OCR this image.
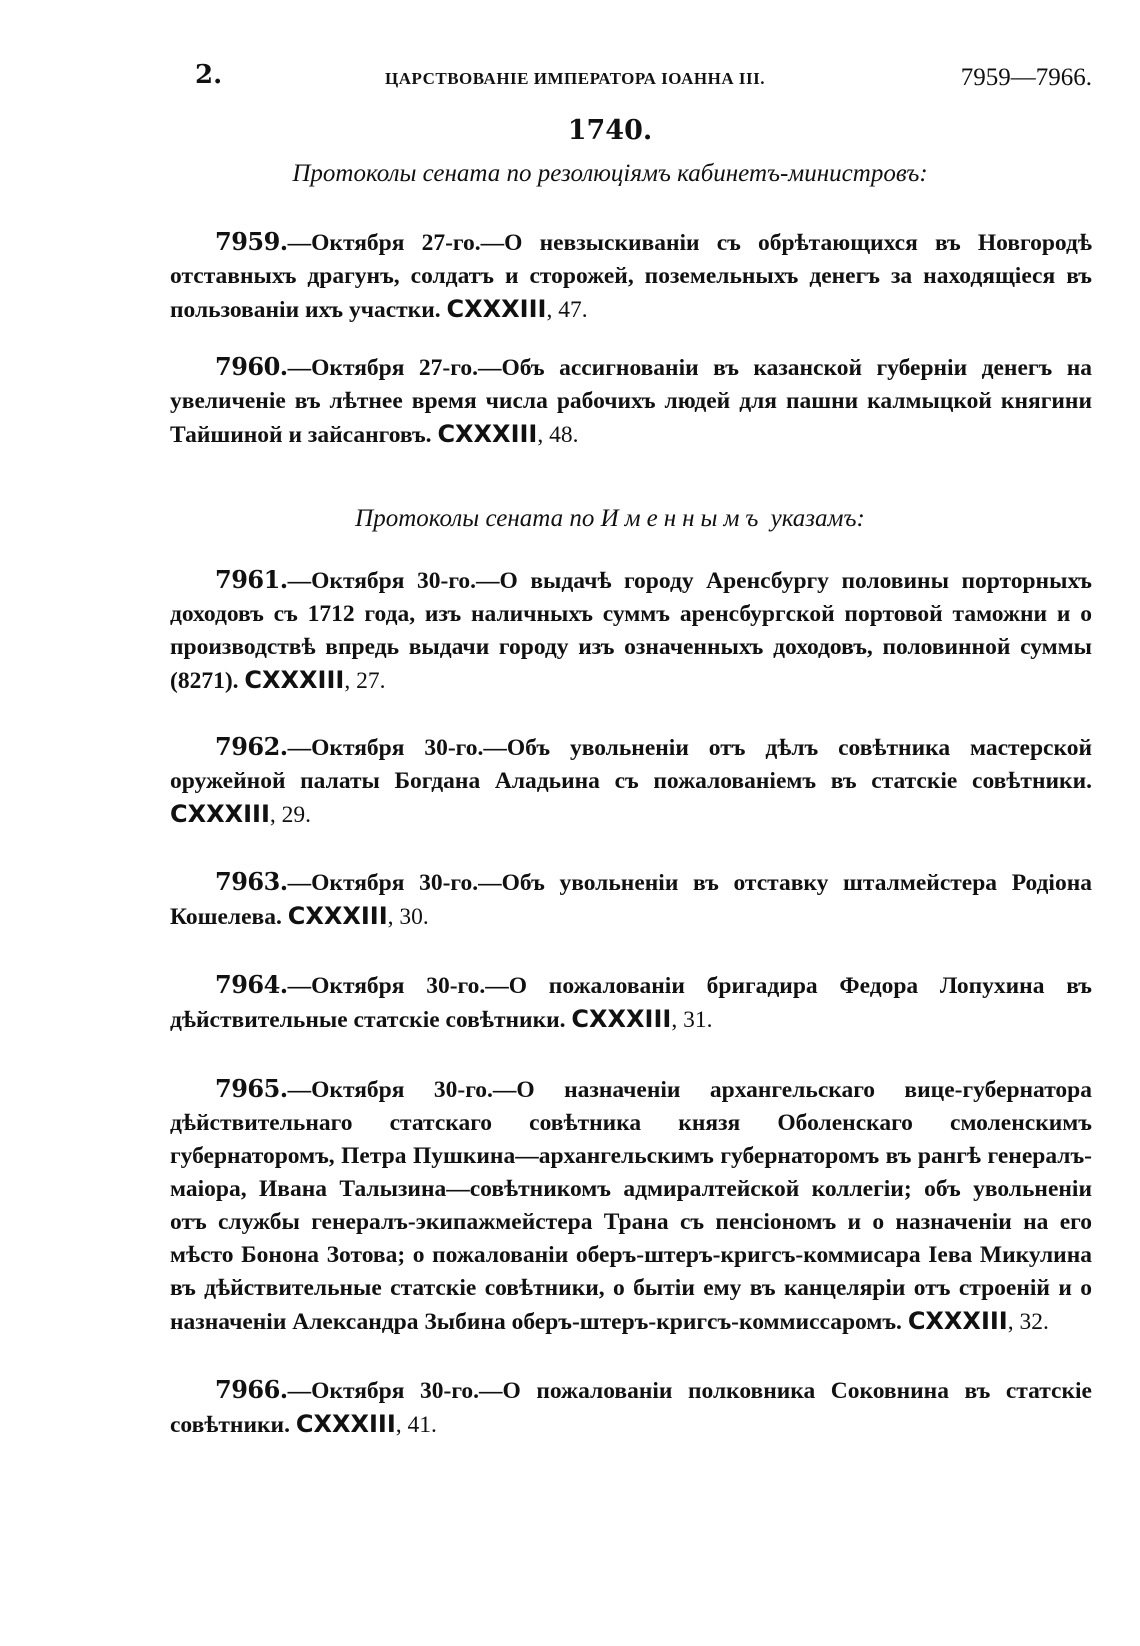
2.	ЦАРСТВОВАНІЕ ИМПЕРАТОРА ІОАННА III.	7959—7966.
1740.
Протоколы сената по резолюціямъ кабинетъ-министровъ:
7959.—Октября 27-го.—О невзыскиваніи съ обрѣтающихся въ Новгородѣ отставныхъ драгунъ, солдатъ и сторожей, поземельныхъ денегъ за находящіеся въ пользованіи ихъ участки. CXXXIII, 47.
7960.—Октября 27-го.—Объ ассигнованіи въ казанской губерніи денегъ на увеличеніе въ лѣтнее время числа рабочихъ людей для пашни калмыцкой княгини Тайшиной и зайсанговъ. CXXXIII, 48.
Протоколы сената по Именнымъ указамъ:
7961.—Октября 30-го.—О выдачѣ городу Аренсбургу половины порторныхъ доходовъ съ 1712 года, изъ наличныхъ суммъ аренсбургской портовой таможни и о производствѣ впредь выдачи городу изъ означенныхъ доходовъ, половинной суммы (8271). CXXXIII, 27.
7962.—Октября 30-го.—Объ увольненіи отъ дѣлъ совѣтника мастерской оружейной палаты Богдана Аладьина съ пожалованіемъ въ статскіе совѣтники. CXXXIII, 29.
7963.—Октября 30-го.—Объ увольненіи въ отставку шталмейстера Родіона Кошелева. CXXXIII, 30.
7964.—Октября 30-го.—О пожалованіи бригадира Федора Лопухина въ дѣйствительные статскіе совѣтники. CXXXIII, 31.
7965.—Октября 30-го.—О назначеніи архангельскаго вице-губернатора дѣйствительнаго статскаго совѣтника князя Оболенскаго смоленскимъ губернаторомъ, Петра Пушкина—архангельскимъ губернаторомъ въ рангѣ генералъ-маіора, Ивана Талызина—совѣтникомъ адмиралтейской коллегіи; объ увольненіи отъ службы генералъ-экипажмейстера Трана съ пенсіономъ и о назначеніи на его мѣсто Бонона Зотова; о пожалованіи оберъ-штеръ-кригсъ-коммисара Іева Микулина въ дѣйствительные статскіе совѣтники, о бытіи ему въ канцеляріи отъ строеній и о назначеніи Александра Зыбина оберъ-штеръ-кригсъ-коммиссаромъ. CXXXIII, 32.
7966.—Октября 30-го.—О пожалованіи полковника Соковнина въ статскіе совѣтники. CXXXIII, 41.
